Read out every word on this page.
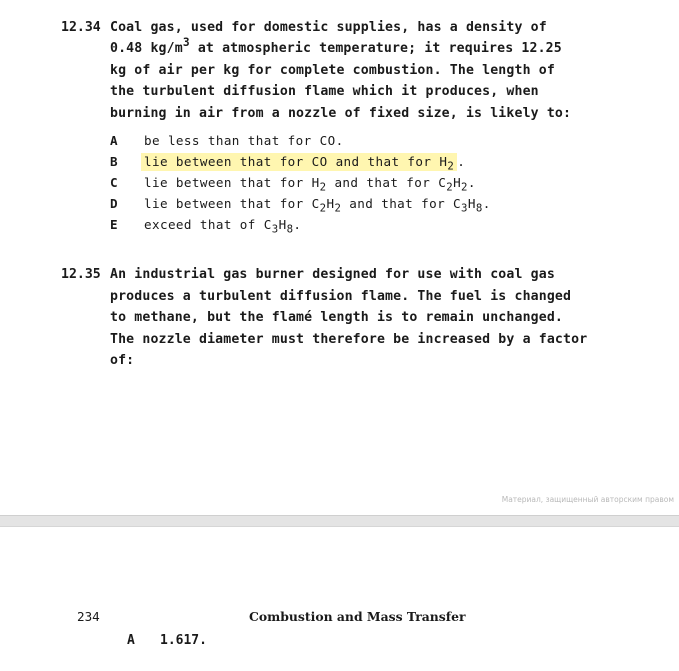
12.34 Coal gas, used for domestic supplies, has a density of
0.48 $kg/m^3$ at atmospheric temperature; it requires 12.25
kg of air per kg for complete combustion. The length of
the turbulent diffusion flame which it produces, when
burning in air from a nozzle of fixed size, is likely to:
A be less than that for CO.
B lie between that for CO and that for $H_2$ .
C lie between that for $H_2$ and that for $C_2H_2$.
D lie between that for $C_2H_2$ and that for $C_3H_8$.
E exceed that of $C_3H_8$.
12.35 An industrial gas burner designed for use with coal gas
produces a turbulent diffusion flame. The fuel is changed
to methane, but the flamé length is to remain unchanged.
The nozzle diameter must therefore be increased by a factor
of:
Материал, защищенный авторским правом
234	Combustion and Mass Transfer
A 1.617.
